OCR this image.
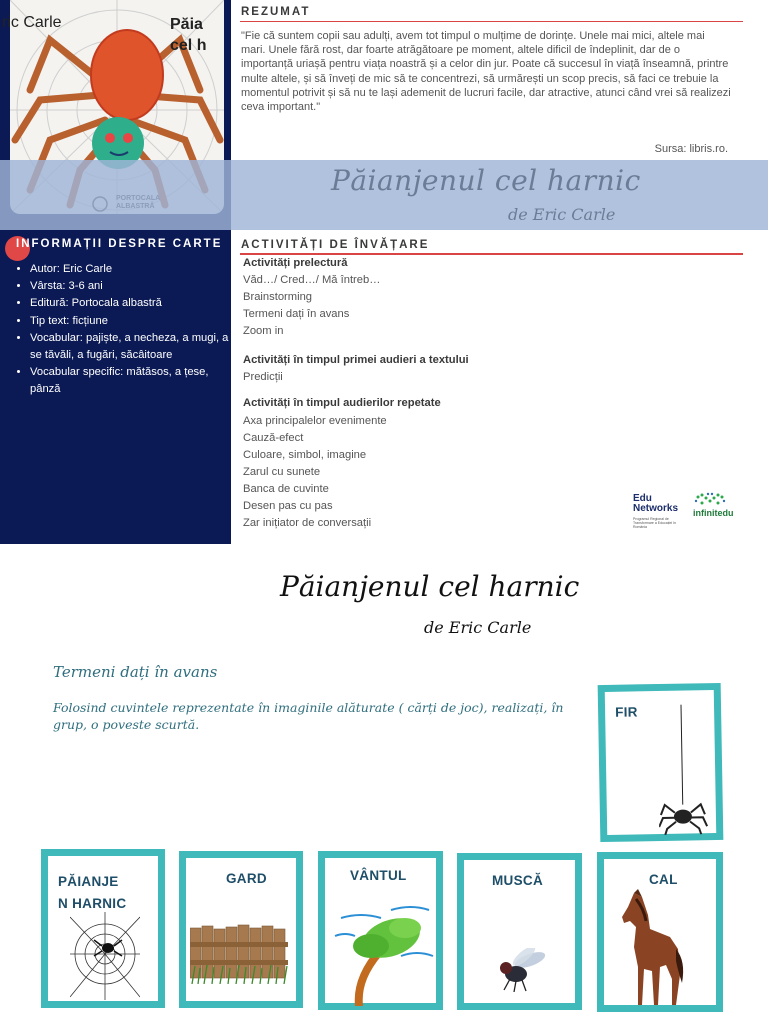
ric Carle	Păia
cel h
REZUMAT
"Fie că suntem copii sau adulți, avem tot timpul o mulțime de dorințe. Unele mai mici, altele mai mari. Unele fără rost, dar foarte atrăgătoare pe moment, altele dificil de îndeplinit, dar de o importanță uriașă pentru viața noastră și a celor din jur. Poate că succesul în viață înseamnă, printre multe altele, și să înveți de mic să te concentrezi, să urmărești un scop precis, să faci ce trebuie la momentul potrivit și să nu te lași ademenit de lucruri facile, dar atractive, atunci când vrei să realizezi ceva important."
Sursa: libris.ro.
Păianjenul cel harnic
de Eric Carle
INFORMAȚII DESPRE CARTE
• Autor: Eric Carle
• Vârsta: 3-6 ani
• Editură: Portocala albastră
• Tip text: ficțiune
• Vocabular: pajiște, a necheza, a mugi, a se tăvăli, a fugări, săcâitoare
• Vocabular specific: mătăsos, a țese, pânză
ACTIVITĂȚI DE ÎNVĂȚARE
Activități prelectură
Văd…/ Cred…/ Mă întreb…
Brainstorming
Termeni dați în avans
Zoom in
Activități în timpul primei audieri a textului
Predicții
Activități în timpul audierilor repetate
Axa principalelor evenimente
Cauză-efect
Culoare, simbol, imagine
Zarul cu sunete
Banca de cuvinte
Desen pas cu pas
Zar inițiator de conversații
Edu
Networks
Programul Regional de Transformare a Educației în România
infinitedu
Păianjenul cel harnic
de Eric Carle
Termeni dați în avans
Folosind cuvintele reprezentate în imaginile alăturate ( cărți de joc), realizați, în grup, o poveste scurtă.
FIR
PĂIANJE
N HARNIC
GARD	VÂNTUL	MUSCĂ	CAL
